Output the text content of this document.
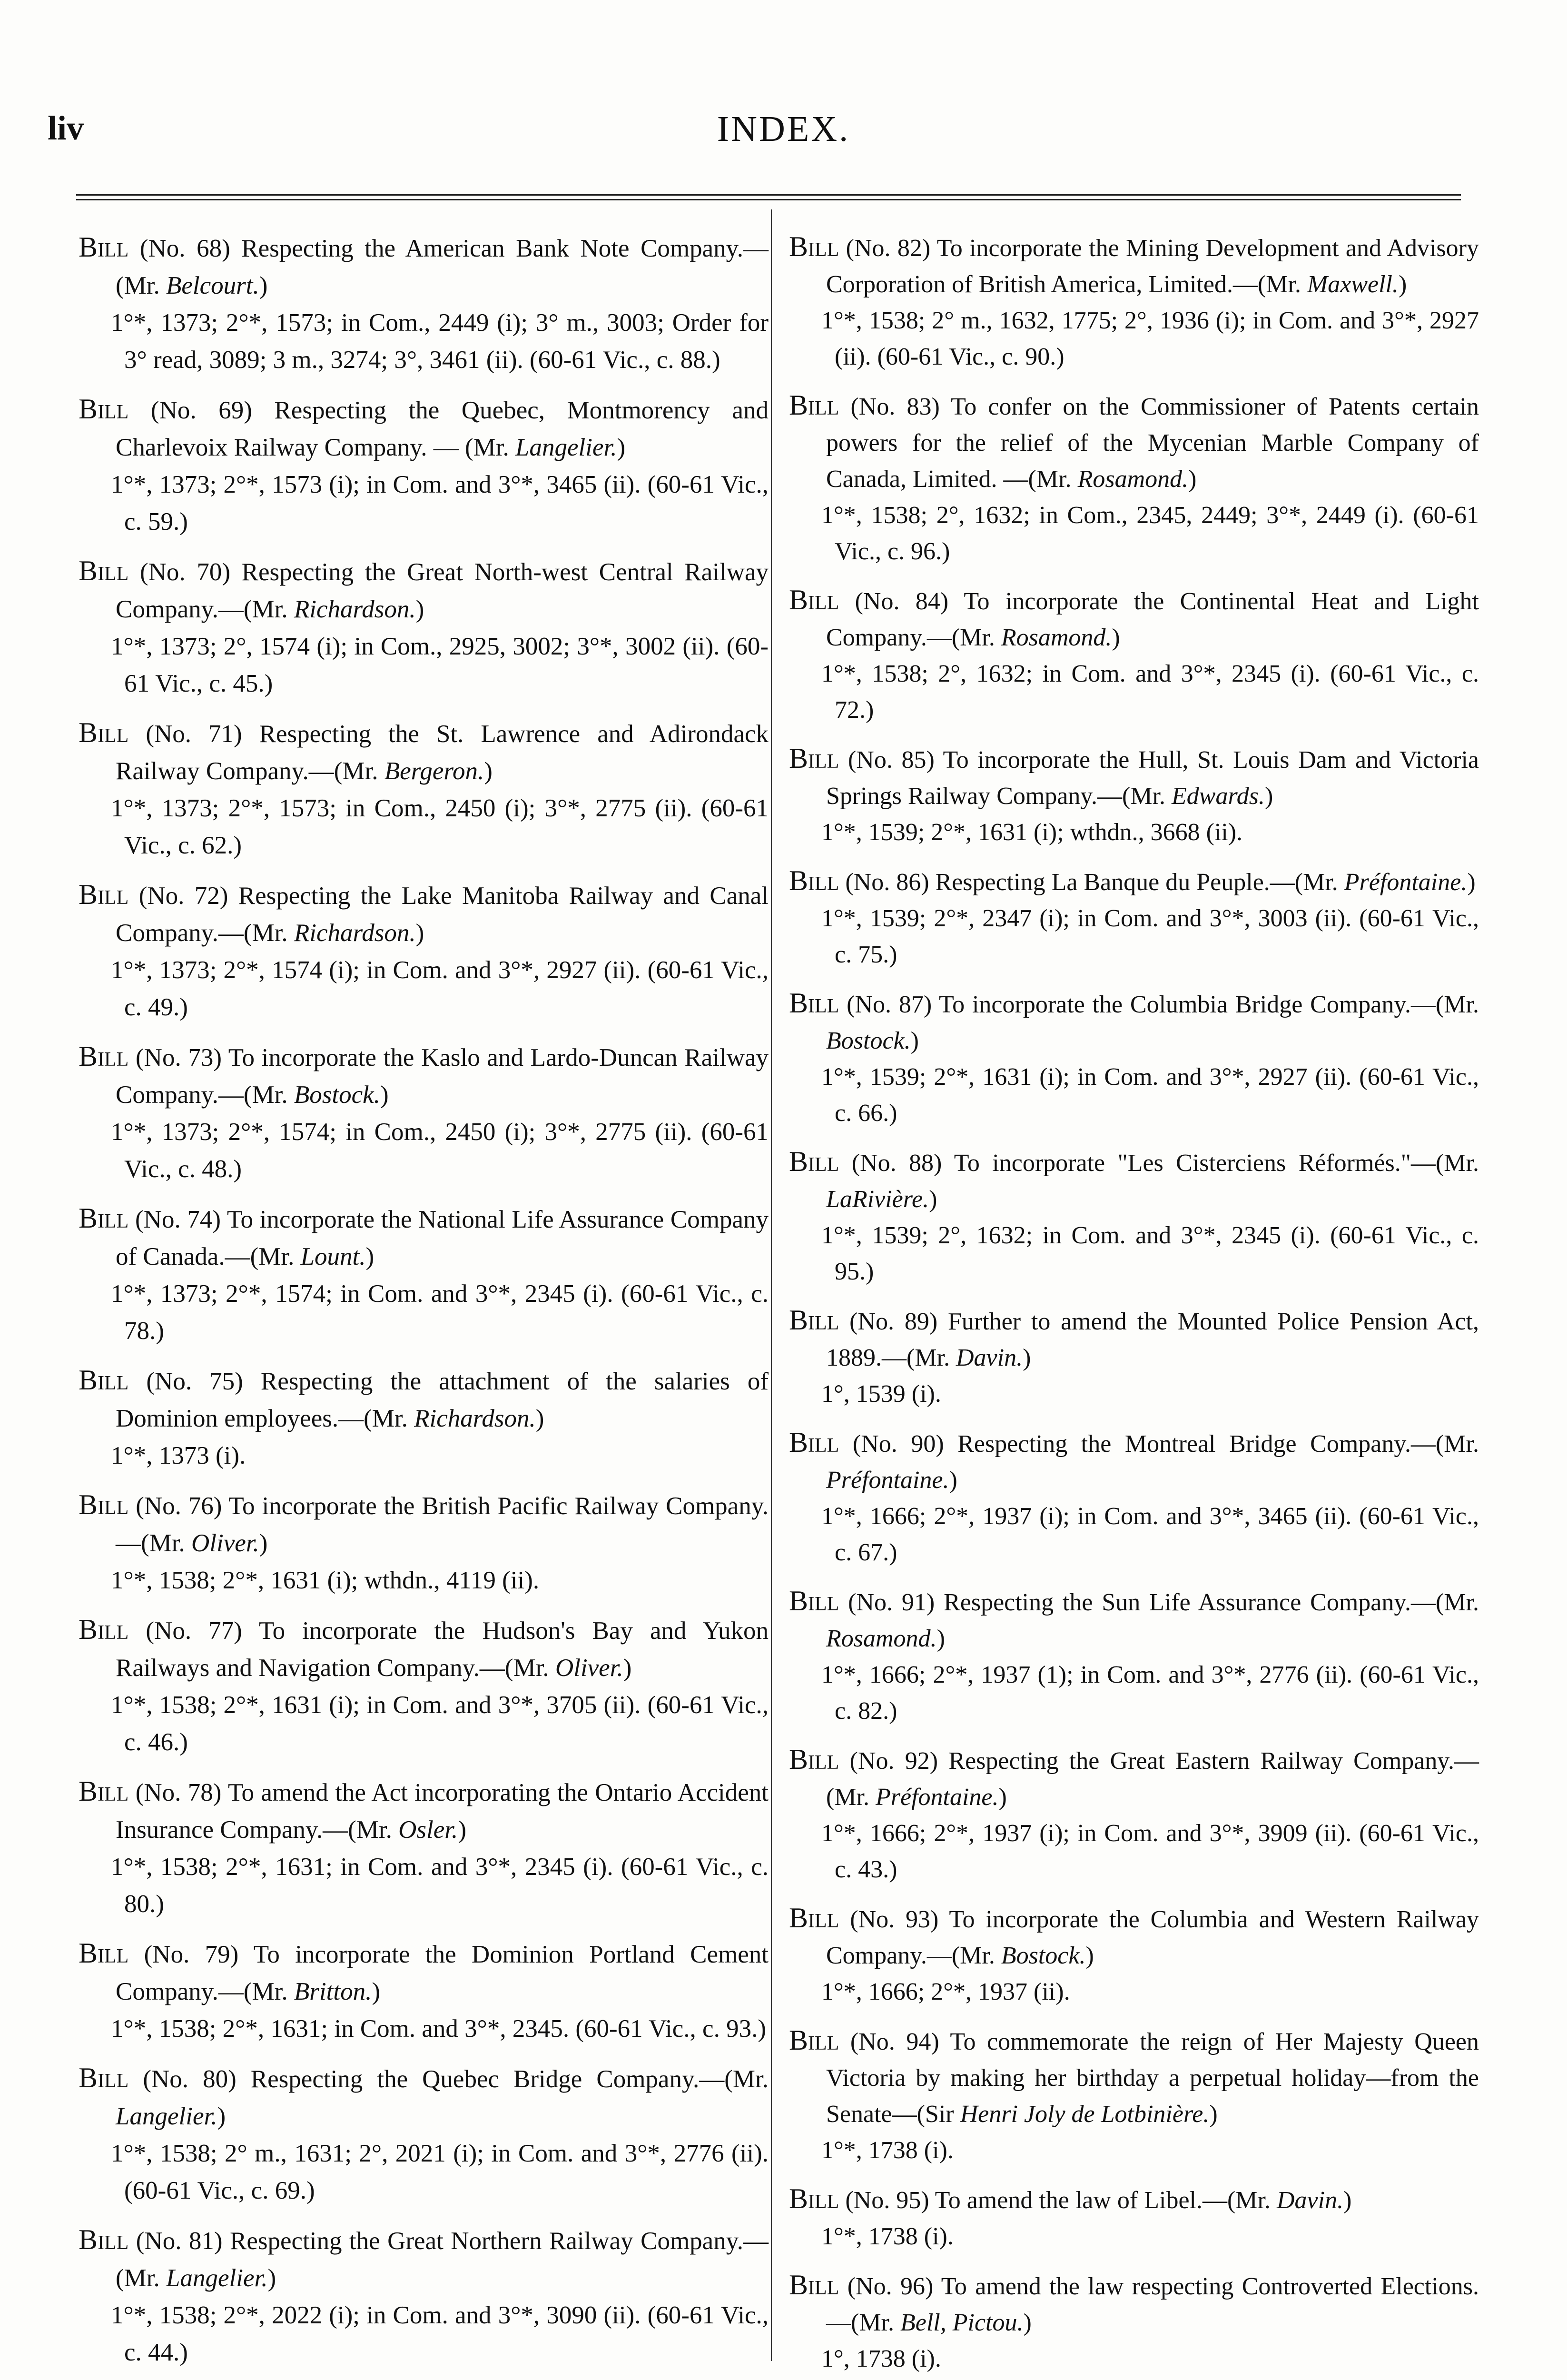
liv	INDEX.
Bill (No. 68) Respecting the American Bank Note Company.—(Mr. Belcourt.)
1°*, 1373; 2°*, 1573; in Com., 2449 (i); 3° m., 3003; Order for 3° read, 3089; 3 m., 3274; 3°, 3461 (ii). (60-61 Vic., c. 88.)
Bill (No. 69) Respecting the Quebec, Montmorency and Charlevoix Railway Company. — (Mr. Langelier.)
1°*, 1373; 2°*, 1573 (i); in Com. and 3°*, 3465 (ii). (60-61 Vic., c. 59.)
Bill (No. 70) Respecting the Great North-west Central Railway Company.—(Mr. Richardson.)
1°*, 1373; 2°, 1574 (i); in Com., 2925, 3002; 3°*, 3002 (ii). (60-61 Vic., c. 45.)
Bill (No. 71) Respecting the St. Lawrence and Adirondack Railway Company.—(Mr. Bergeron.)
1°*, 1373; 2°*, 1573; in Com., 2450 (i); 3°*, 2775 (ii). (60-61 Vic., c. 62.)
Bill (No. 72) Respecting the Lake Manitoba Railway and Canal Company.—(Mr. Richardson.)
1°*, 1373; 2°*, 1574 (i); in Com. and 3°*, 2927 (ii). (60-61 Vic., c. 49.)
Bill (No. 73) To incorporate the Kaslo and Lardo-Duncan Railway Company.—(Mr. Bostock.)
1°*, 1373; 2°*, 1574; in Com., 2450 (i); 3°*, 2775 (ii). (60-61 Vic., c. 48.)
Bill (No. 74) To incorporate the National Life Assurance Company of Canada.—(Mr. Lount.)
1°*, 1373; 2°*, 1574; in Com. and 3°*, 2345 (i). (60-61 Vic., c. 78.)
Bill (No. 75) Respecting the attachment of the salaries of Dominion employees.—(Mr. Richardson.)
1°*, 1373 (i).
Bill (No. 76) To incorporate the British Pacific Railway Company.—(Mr. Oliver.)
1°*, 1538; 2°*, 1631 (i); wthdn., 4119 (ii).
Bill (No. 77) To incorporate the Hudson's Bay and Yukon Railways and Navigation Company.—(Mr. Oliver.)
1°*, 1538; 2°*, 1631 (i); in Com. and 3°*, 3705 (ii). (60-61 Vic., c. 46.)
Bill (No. 78) To amend the Act incorporating the Ontario Accident Insurance Company.—(Mr. Osler.)
1°*, 1538; 2°*, 1631; in Com. and 3°*, 2345 (i). (60-61 Vic., c. 80.)
Bill (No. 79) To incorporate the Dominion Portland Cement Company.—(Mr. Britton.)
1°*, 1538; 2°*, 1631; in Com. and 3°*, 2345. (60-61 Vic., c. 93.)
Bill (No. 80) Respecting the Quebec Bridge Company.—(Mr. Langelier.)
1°*, 1538; 2° m., 1631; 2°, 2021 (i); in Com. and 3°*, 2776 (ii). (60-61 Vic., c. 69.)
Bill (No. 81) Respecting the Great Northern Railway Company.—(Mr. Langelier.)
1°*, 1538; 2°*, 2022 (i); in Com. and 3°*, 3090 (ii). (60-61 Vic., c. 44.)
Bill (No. 82) To incorporate the Mining Development and Advisory Corporation of British America, Limited.—(Mr. Maxwell.)
1°*, 1538; 2° m., 1632, 1775; 2°, 1936 (i); in Com. and 3°*, 2927 (ii). (60-61 Vic., c. 90.)
Bill (No. 83) To confer on the Commissioner of Patents certain powers for the relief of the Mycenian Marble Company of Canada, Limited. —(Mr. Rosamond.)
1°*, 1538; 2°, 1632; in Com., 2345, 2449; 3°*, 2449 (i). (60-61 Vic., c. 96.)
Bill (No. 84) To incorporate the Continental Heat and Light Company.—(Mr. Rosamond.)
1°*, 1538; 2°, 1632; in Com. and 3°*, 2345 (i). (60-61 Vic., c. 72.)
Bill (No. 85) To incorporate the Hull, St. Louis Dam and Victoria Springs Railway Company.—(Mr. Edwards.)
1°*, 1539; 2°*, 1631 (i); wthdn., 3668 (ii).
Bill (No. 86) Respecting La Banque du Peuple.—(Mr. Préfontaine.)
1°*, 1539; 2°*, 2347 (i); in Com. and 3°*, 3003 (ii). (60-61 Vic., c. 75.)
Bill (No. 87) To incorporate the Columbia Bridge Company.—(Mr. Bostock.)
1°*, 1539; 2°*, 1631 (i); in Com. and 3°*, 2927 (ii). (60-61 Vic., c. 66.)
Bill (No. 88) To incorporate "Les Cisterciens Réformés."—(Mr. LaRivière.)
1°*, 1539; 2°, 1632; in Com. and 3°*, 2345 (i). (60-61 Vic., c. 95.)
Bill (No. 89) Further to amend the Mounted Police Pension Act, 1889.—(Mr. Davin.)
1°, 1539 (i).
Bill (No. 90) Respecting the Montreal Bridge Company.—(Mr. Préfontaine.)
1°*, 1666; 2°*, 1937 (i); in Com. and 3°*, 3465 (ii). (60-61 Vic., c. 67.)
Bill (No. 91) Respecting the Sun Life Assurance Company.—(Mr. Rosamond.)
1°*, 1666; 2°*, 1937 (1); in Com. and 3°*, 2776 (ii). (60-61 Vic., c. 82.)
Bill (No. 92) Respecting the Great Eastern Railway Company.—(Mr. Préfontaine.)
1°*, 1666; 2°*, 1937 (i); in Com. and 3°*, 3909 (ii). (60-61 Vic., c. 43.)
Bill (No. 93) To incorporate the Columbia and Western Railway Company.—(Mr. Bostock.)
1°*, 1666; 2°*, 1937 (ii).
Bill (No. 94) To commemorate the reign of Her Majesty Queen Victoria by making her birthday a perpetual holiday—from the Senate—(Sir Henri Joly de Lotbinière.)
1°*, 1738 (i).
Bill (No. 95) To amend the law of Libel.—(Mr. Davin.)
1°*, 1738 (i).
Bill (No. 96) To amend the law respecting Controverted Elections.—(Mr. Bell, Pictou.)
1°, 1738 (i).
